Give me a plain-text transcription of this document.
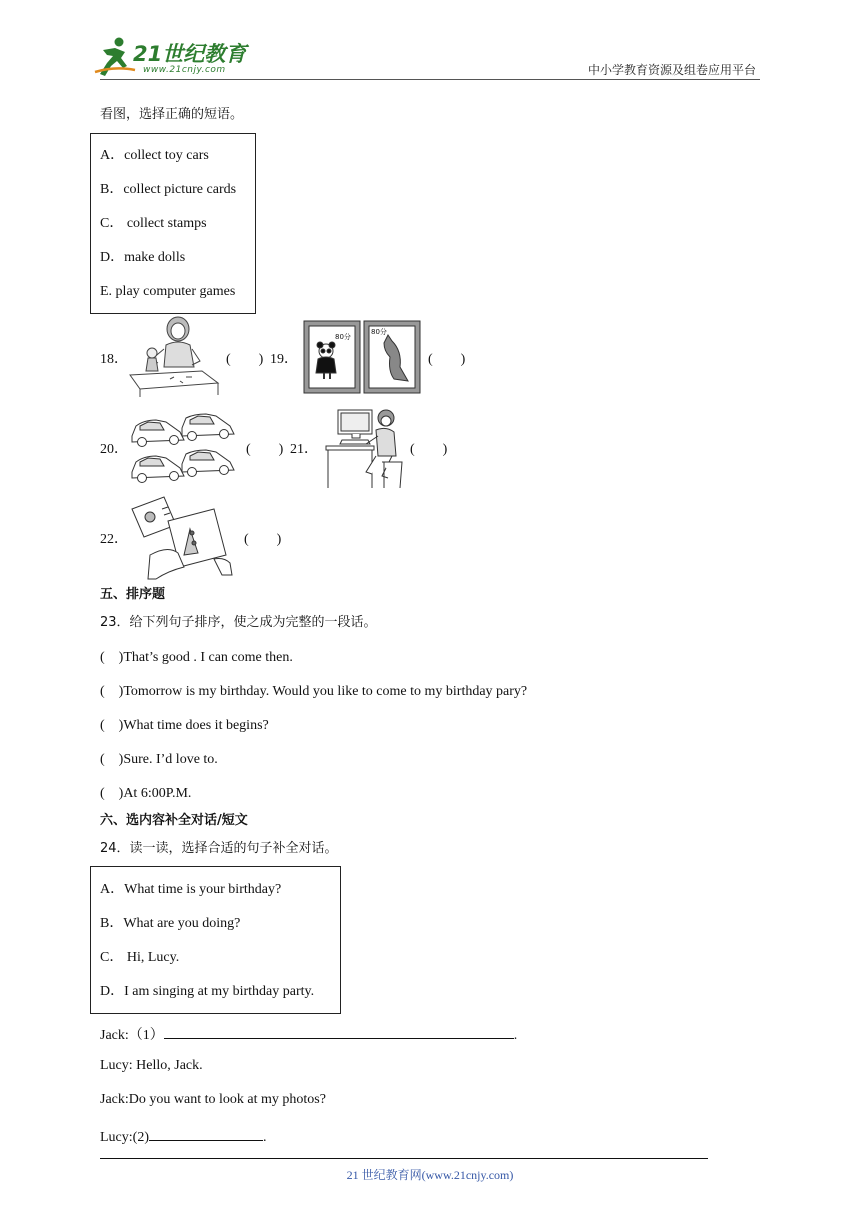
21世纪教育
www.21cnjy.com	中小学教育资源及组卷应用平台
看图，选择正确的短语。
A．collect toy cars
B．collect picture cards
C． collect stamps
D．make dolls
E. play computer games
18．	(　　) 19．
80分
80分
(　　)
20．	(　　) 21．	(　　)
22．	(　　)
五、排序题
23．给下列句子排序，使之成为完整的一段话。
(　)That’s good . I can come then.
(　)Tomorrow is my birthday. Would you like to come to my birthday pary?
(　)What time does it begins?
(　)Sure. I’d love to.
(　)At 6:00P.M.
六、选内容补全对话/短文
24．读一读，选择合适的句子补全对话。
A．What time is your birthday?
B．What are you doing?
C． Hi, Lucy.
D．I am singing at my birthday party.
Jack:（1）	.
Lucy: Hello, Jack.
Jack:Do you want to look at my photos?
Lucy:(2)	.
21 世纪教育网(www.21cnjy.com)
